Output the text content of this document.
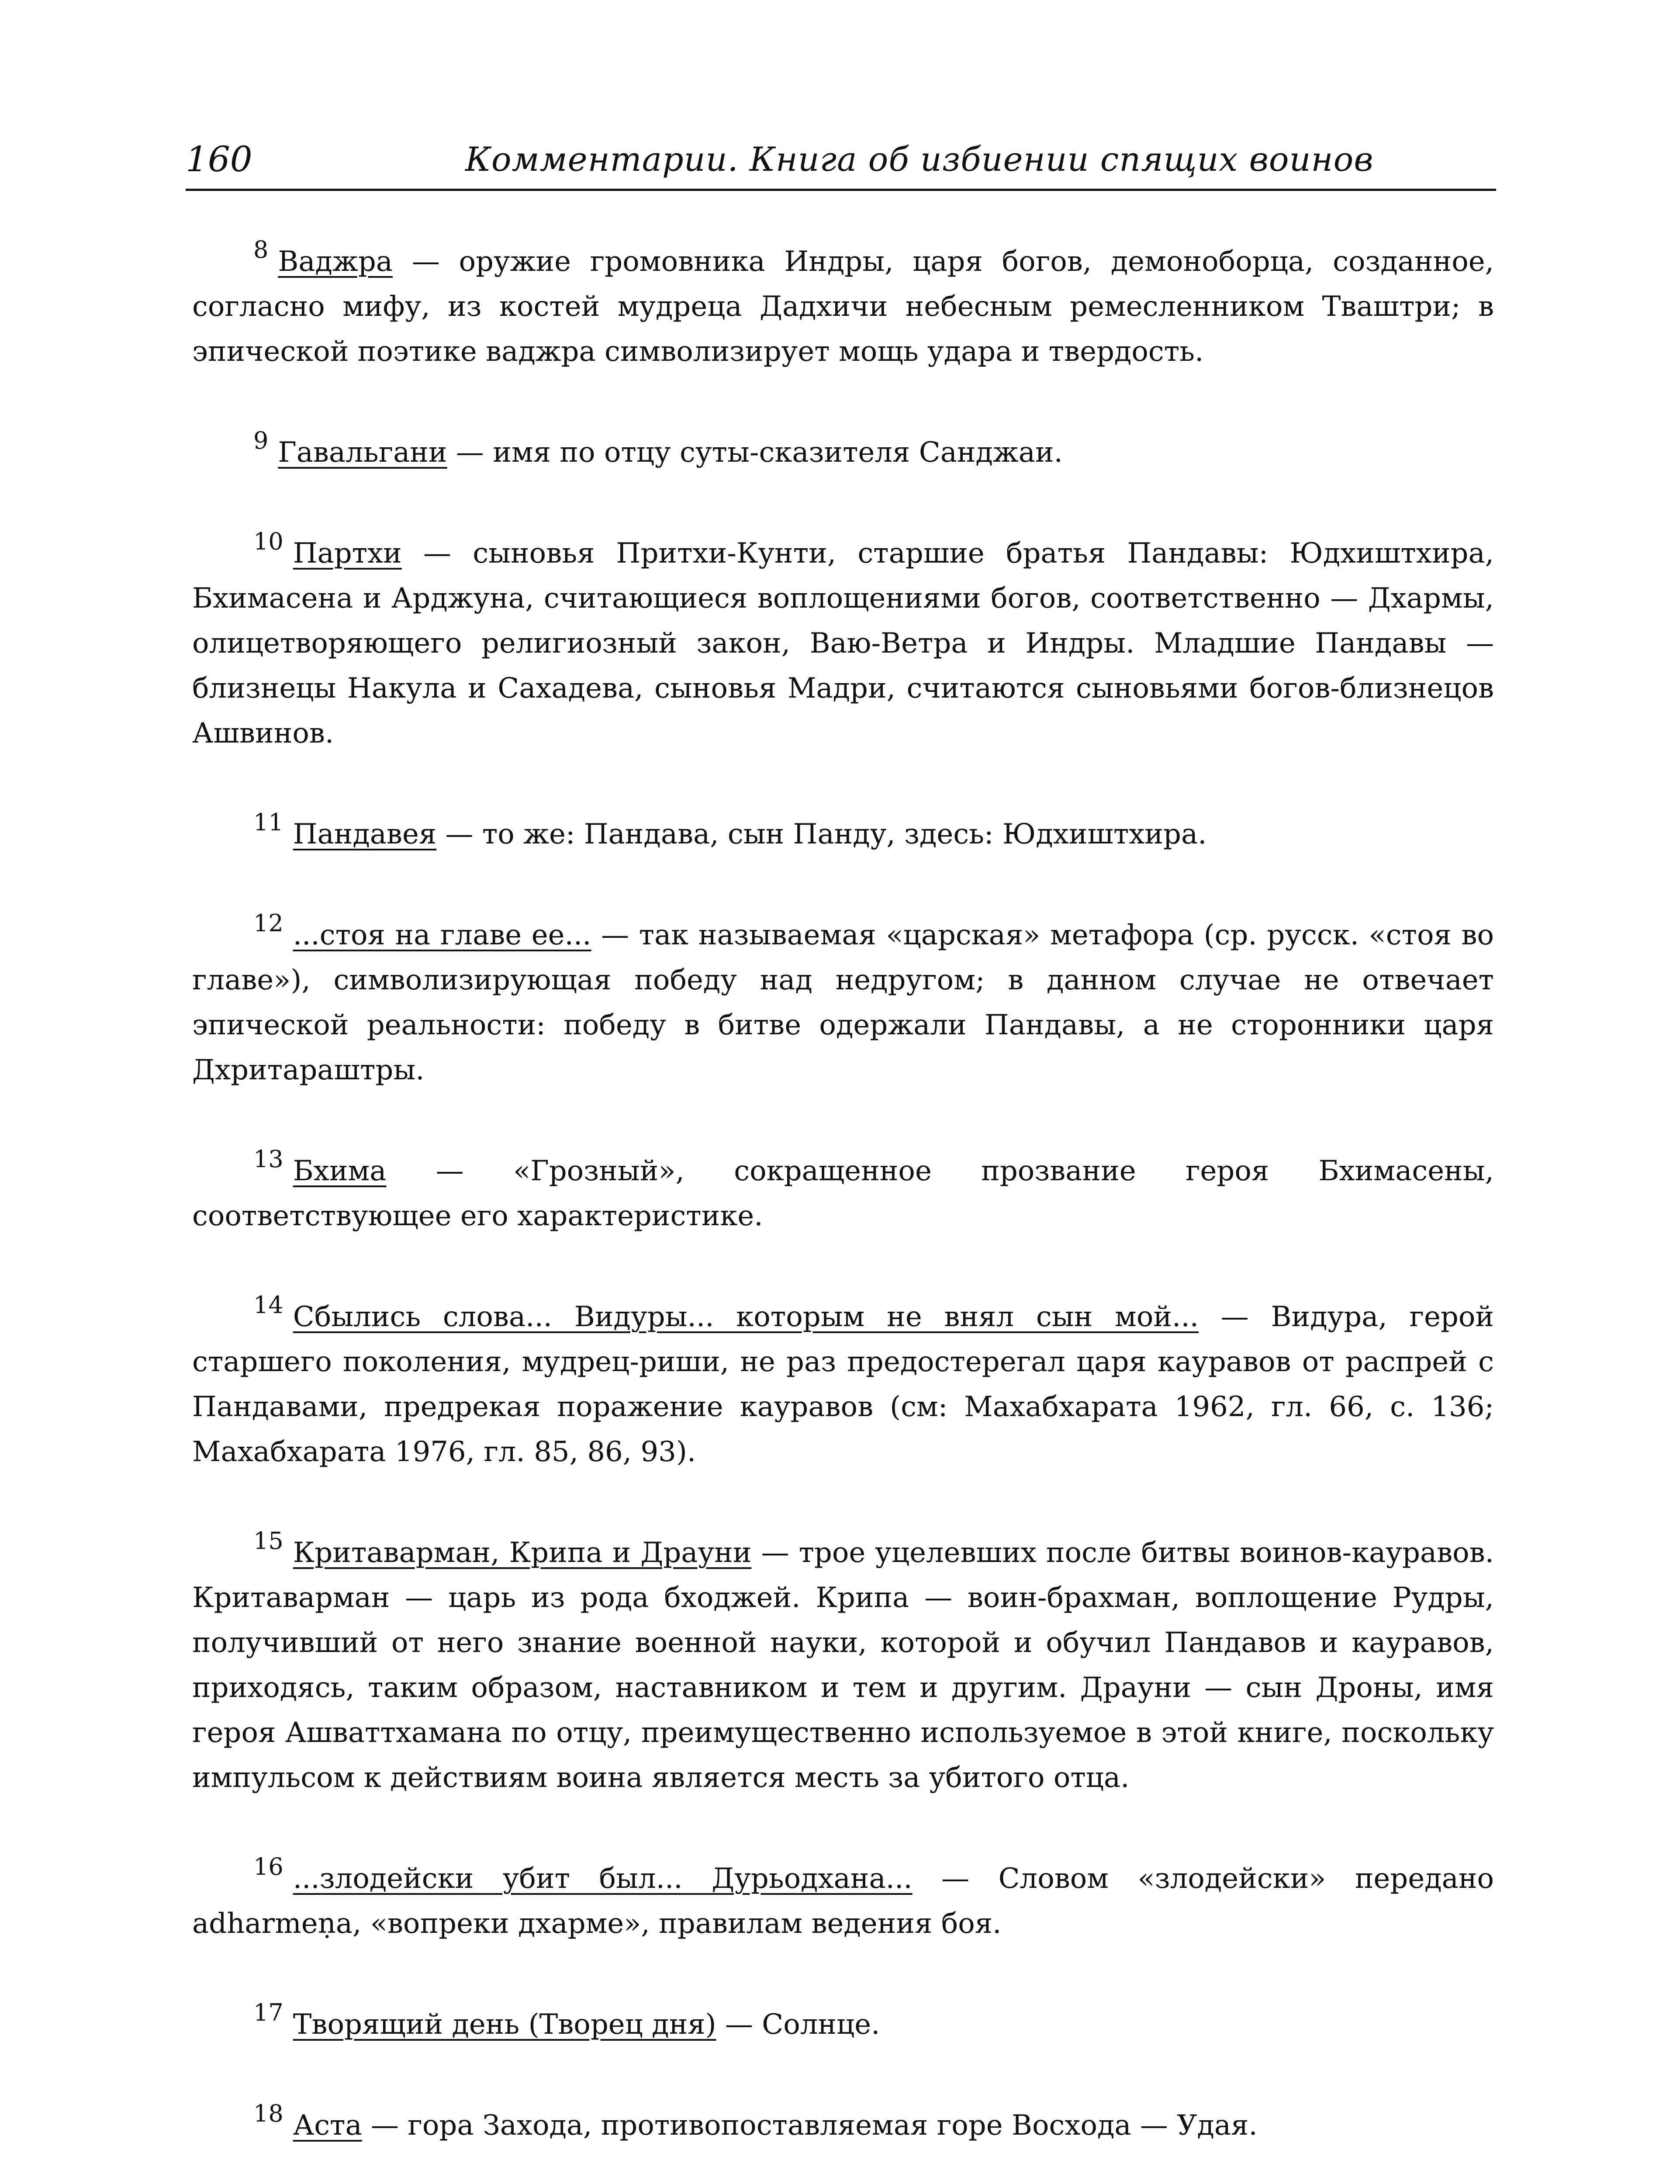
160	Комментарии. Книга об избиении спящих воинов

$^8$ Ваджра — оружие громовника Индры, царя богов, демоноборца, созданное, согласно мифу, из костей мудреца Дадхичи небесным ремесленником Тваштри; в эпической поэтике ваджра символизирует мощь удара и твердость.

$^9$ Гавальгани — имя по отцу суты-сказителя Санджаи.

$^{10}$ Партхи — сыновья Притхи-Кунти, старшие братья Пандавы: Юдхиштхира, Бхимасена и Арджуна, считающиеся воплощениями богов, соответственно — Дхармы, олицетворяющего религиозный закон, Ваю-Ветра и Индры. Младшие Пандавы — близнецы Накула и Сахадева, сыновья Мадри, считаются сыновьями богов-близнецов Ашвинов.

$^{11}$ Пандавея — то же: Пандава, сын Панду, здесь: Юдхиштхира.

$^{12}$ ...стоя на главе ее... — так называемая «царская» метафора (ср. русск. «стоя во главе»), символизирующая победу над недругом; в данном случае не отвечает эпической реальности: победу в битве одержали Пандавы, а не сторонники царя Дхритараштры.

$^{13}$ Бхима — «Грозный», сокращенное прозвание героя Бхимасены, соответствующее его характеристике.

$^{14}$ Сбылись слова... Видуры... которым не внял сын мой... — Видура, герой старшего поколения, мудрец-риши, не раз предостерегал царя кауравов от распрей с Пандавами, предрекая поражение кауравов (см: Махабхарата 1962, гл. 66, с. 136; Махабхарата 1976, гл. 85, 86, 93).

$^{15}$ Критаварман, Крипа и Драуни — трое уцелевших после битвы воинов-кауравов. Критаварман — царь из рода бходжей. Крипа — воин-брахман, воплощение Рудры, получивший от него знание военной науки, которой и обучил Пандавов и кауравов, приходясь, таким образом, наставником и тем и другим. Драуни — сын Дроны, имя героя Ашваттхамана по отцу, преимущественно используемое в этой книге, поскольку импульсом к действиям воина является месть за убитого отца.

$^{16}$ ...злодейски убит был... Дурьодхана... — Словом «злодейски» передано adharmeṇa, «вопреки дхарме», правилам ведения боя.

$^{17}$ Творящий день (Творец дня) — Солнце.

$^{18}$ Аста — гора Захода, противопоставляемая горе Восхода — Удая.
